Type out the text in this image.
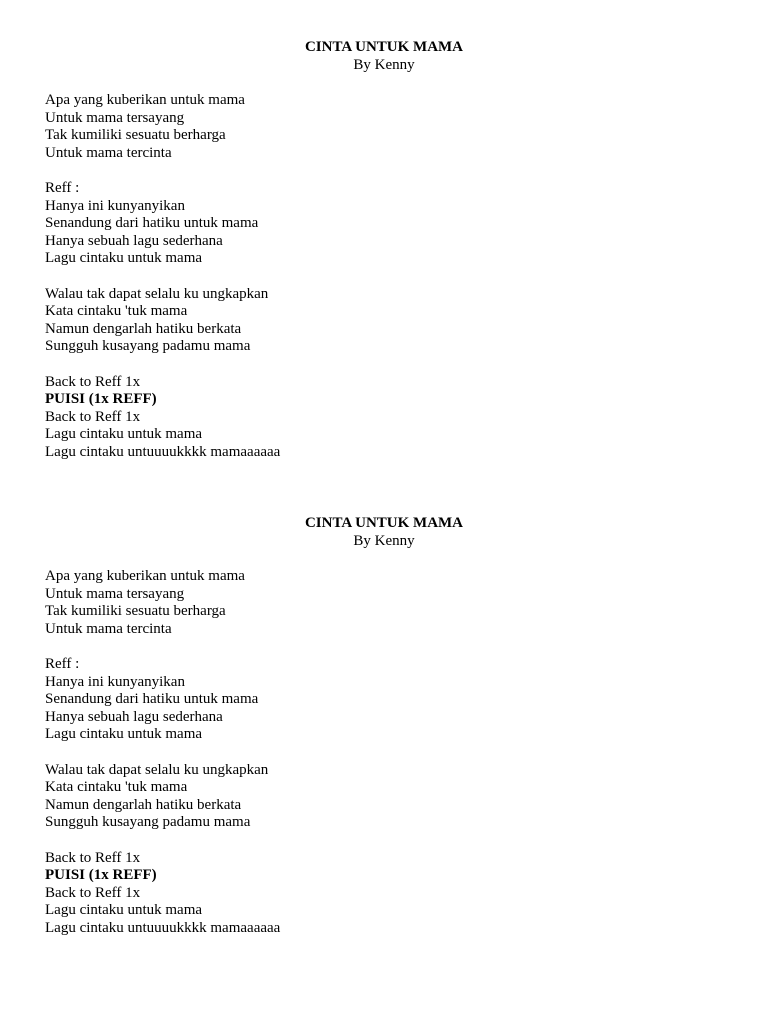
CINTA UNTUK MAMA
By Kenny
Apa yang kuberikan untuk mama
Untuk mama tersayang
Tak kumiliki sesuatu berharga
Untuk mama tercinta
Reff :
Hanya ini kunyanyikan
Senandung dari hatiku untuk mama
Hanya sebuah lagu sederhana
Lagu cintaku untuk mama
Walau tak dapat selalu ku ungkapkan
Kata cintaku 'tuk mama
Namun dengarlah hatiku berkata
Sungguh kusayang padamu mama
Back to Reff 1x
PUISI (1x REFF)
Back to Reff 1x
Lagu cintaku untuk mama
Lagu cintaku untuuuukkkk mamaaaaaa
CINTA UNTUK MAMA
By Kenny
Apa yang kuberikan untuk mama
Untuk mama tersayang
Tak kumiliki sesuatu berharga
Untuk mama tercinta
Reff :
Hanya ini kunyanyikan
Senandung dari hatiku untuk mama
Hanya sebuah lagu sederhana
Lagu cintaku untuk mama
Walau tak dapat selalu ku ungkapkan
Kata cintaku 'tuk mama
Namun dengarlah hatiku berkata
Sungguh kusayang padamu mama
Back to Reff 1x
PUISI (1x REFF)
Back to Reff 1x
Lagu cintaku untuk mama
Lagu cintaku untuuuukkkk mamaaaaaa
